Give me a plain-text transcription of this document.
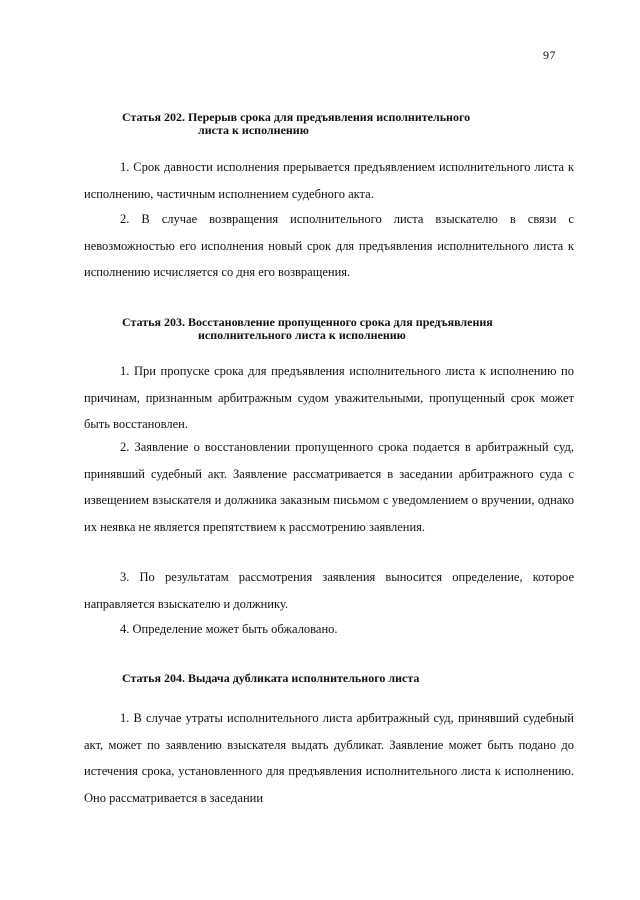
97
Статья 202. Перерыв срока для предъявления исполнительного
листа к исполнению

1. Срок давности исполнения прерывается предъявлением исполнительного листа к исполнению, частичным исполнением судебного акта.

2. В случае возвращения исполнительного листа взыскателю в связи с невозможностью его исполнения новый срок для предъявления исполнительного листа к исполнению исчисляется со дня его возвращения.

Статья 203. Восстановление пропущенного срока для предъявления
исполнительного листа к исполнению

1. При пропуске срока для предъявления исполнительного листа к исполнению по причинам, признанным арбитражным судом уважительными, пропущенный срок может быть восстановлен.

2. Заявление о восстановлении пропущенного срока подается в арбитражный суд, принявший судебный акт. Заявление рассматривается в заседании арбитражного суда с извещением взыскателя и должника заказным письмом с уведомлением о вручении, однако их неявка не является препятствием к рассмотрению заявления.

3. По результатам рассмотрения заявления выносится определение, которое направляется взыскателю и должнику.

4. Определение может быть обжаловано.

Статья 204. Выдача дубликата исполнительного листа

1. В случае утраты исполнительного листа арбитражный суд, принявший судебный акт, может по заявлению взыскателя выдать дубликат. Заявление может быть подано до истечения срока, установленного для предъявления исполнительного листа к исполнению. Оно рассматривается в заседании
